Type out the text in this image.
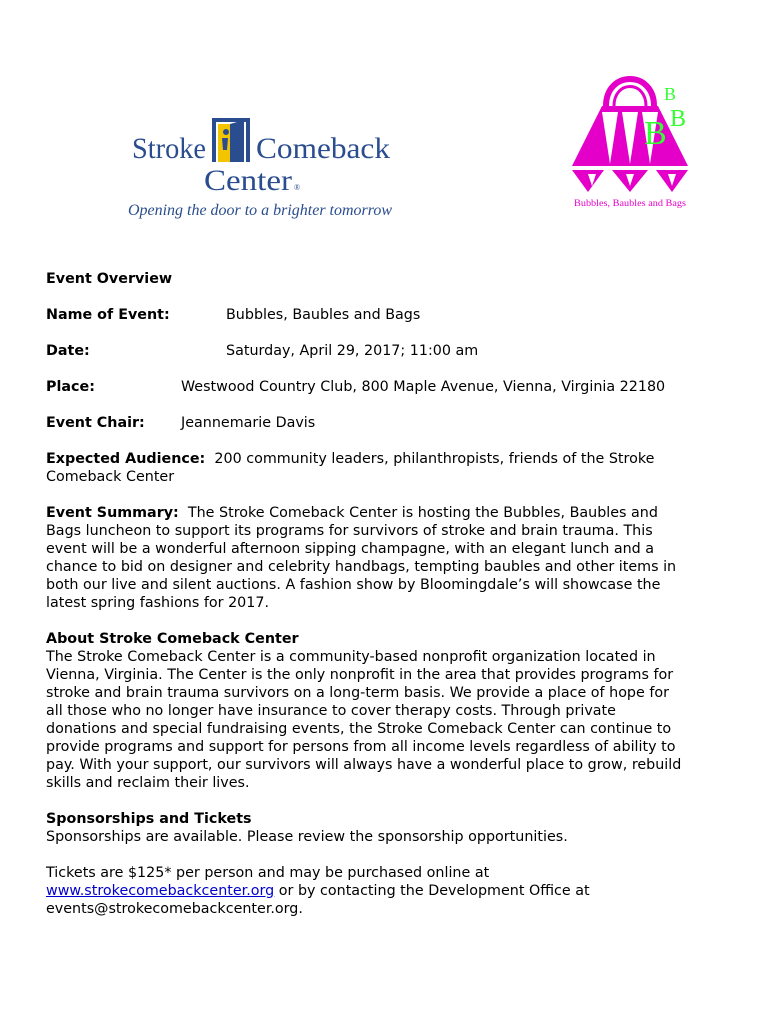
Stroke Comeback
Center ®
Opening the door to a brighter tomorrow
B
B B
Bubbles, Baubles and Bags
Event Overview
Name of Event:	Bubbles, Baubles and Bags
Date:	Saturday, April 29, 2017; 11:00 am
Place:	Westwood Country Club, 800 Maple Avenue, Vienna, Virginia 22180
Event Chair:	Jeannemarie Davis

Expected Audience: 200 community leaders, philanthropists, friends of the Stroke
Comeback Center

Event Summary: The Stroke Comeback Center is hosting the Bubbles, Baubles and
Bags luncheon to support its programs for survivors of stroke and brain trauma. This
event will be a wonderful afternoon sipping champagne, with an elegant lunch and a
chance to bid on designer and celebrity handbags, tempting baubles and other items in
both our live and silent auctions. A fashion show by Bloomingdale’s will showcase the
latest spring fashions for 2017.

About Stroke Comeback Center
The Stroke Comeback Center is a community-based nonprofit organization located in
Vienna, Virginia. The Center is the only nonprofit in the area that provides programs for
stroke and brain trauma survivors on a long-term basis. We provide a place of hope for
all those who no longer have insurance to cover therapy costs. Through private
donations and special fundraising events, the Stroke Comeback Center can continue to
provide programs and support for persons from all income levels regardless of ability to
pay. With your support, our survivors will always have a wonderful place to grow, rebuild
skills and reclaim their lives.

Sponsorships and Tickets
Sponsorships are available. Please review the sponsorship opportunities.

Tickets are $125* per person and may be purchased online at
www.strokecomebackcenter.org or by contacting the Development Office at
events@strokecomebackcenter.org.
